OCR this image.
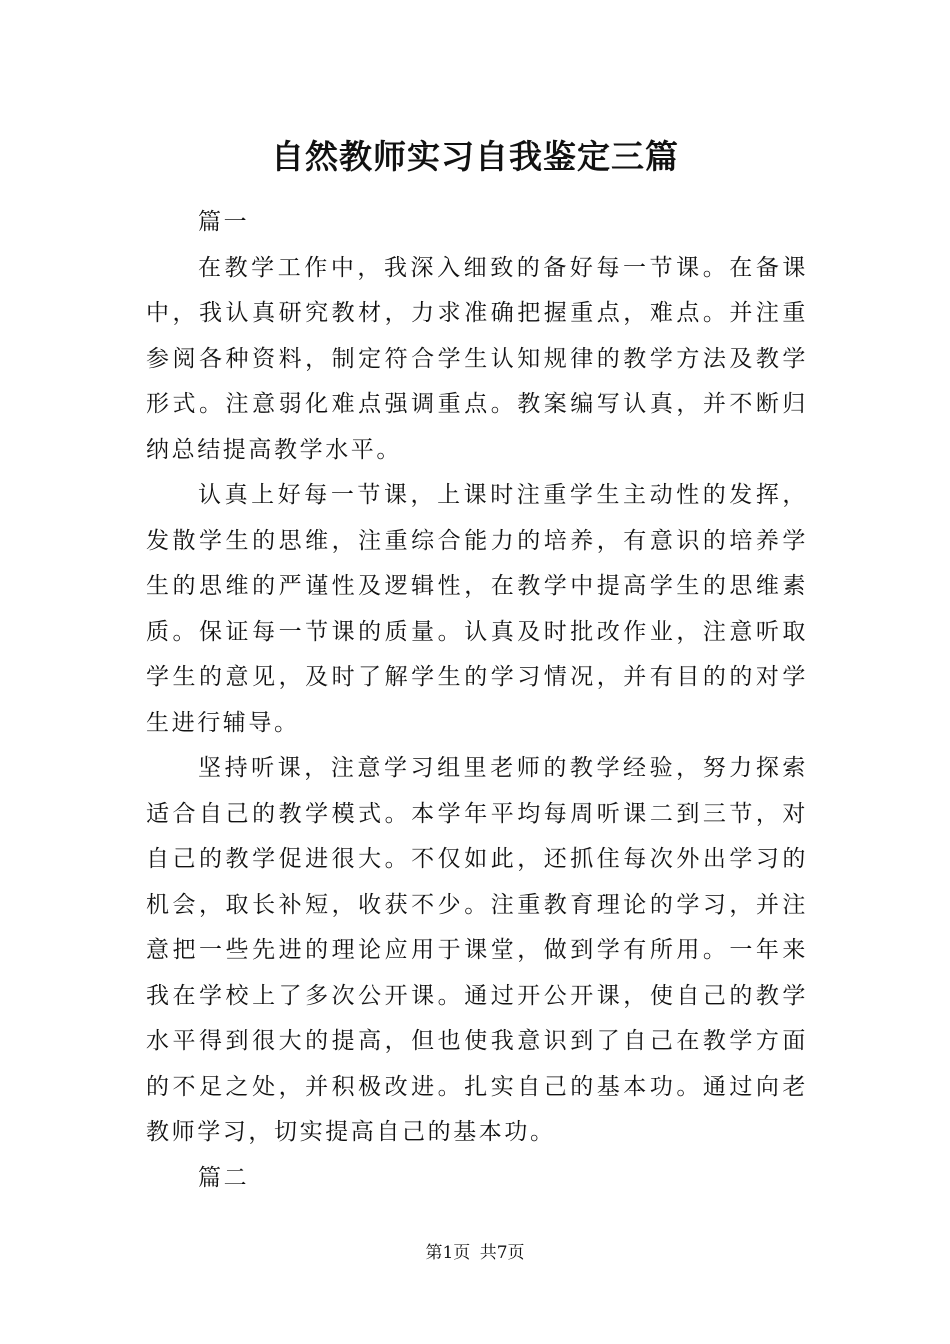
自然教师实习自我鉴定三篇

篇一

在教学工作中，我深入细致的备好每一节课。在备课中，我认真研究教材，力求准确把握重点，难点。并注重参阅各种资料，制定符合学生认知规律的教学方法及教学形式。注意弱化难点强调重点。教案编写认真，并不断归纳总结提高教学水平。

认真上好每一节课，上课时注重学生主动性的发挥，发散学生的思维，注重综合能力的培养，有意识的培养学生的思维的严谨性及逻辑性，在教学中提高学生的思维素质。保证每一节课的质量。认真及时批改作业，注意听取学生的意见，及时了解学生的学习情况，并有目的的对学生进行辅导。

坚持听课，注意学习组里老师的教学经验，努力探索适合自己的教学模式。本学年平均每周听课二到三节，对自己的教学促进很大。不仅如此，还抓住每次外出学习的机会，取长补短，收获不少。注重教育理论的学习，并注意把一些先进的理论应用于课堂，做到学有所用。一年来我在学校上了多次公开课。通过开公开课，使自己的教学水平得到很大的提高，但也使我意识到了自己在教学方面的不足之处，并积极改进。扎实自己的基本功。通过向老教师学习，切实提高自己的基本功。

篇二

第1页 共7页
